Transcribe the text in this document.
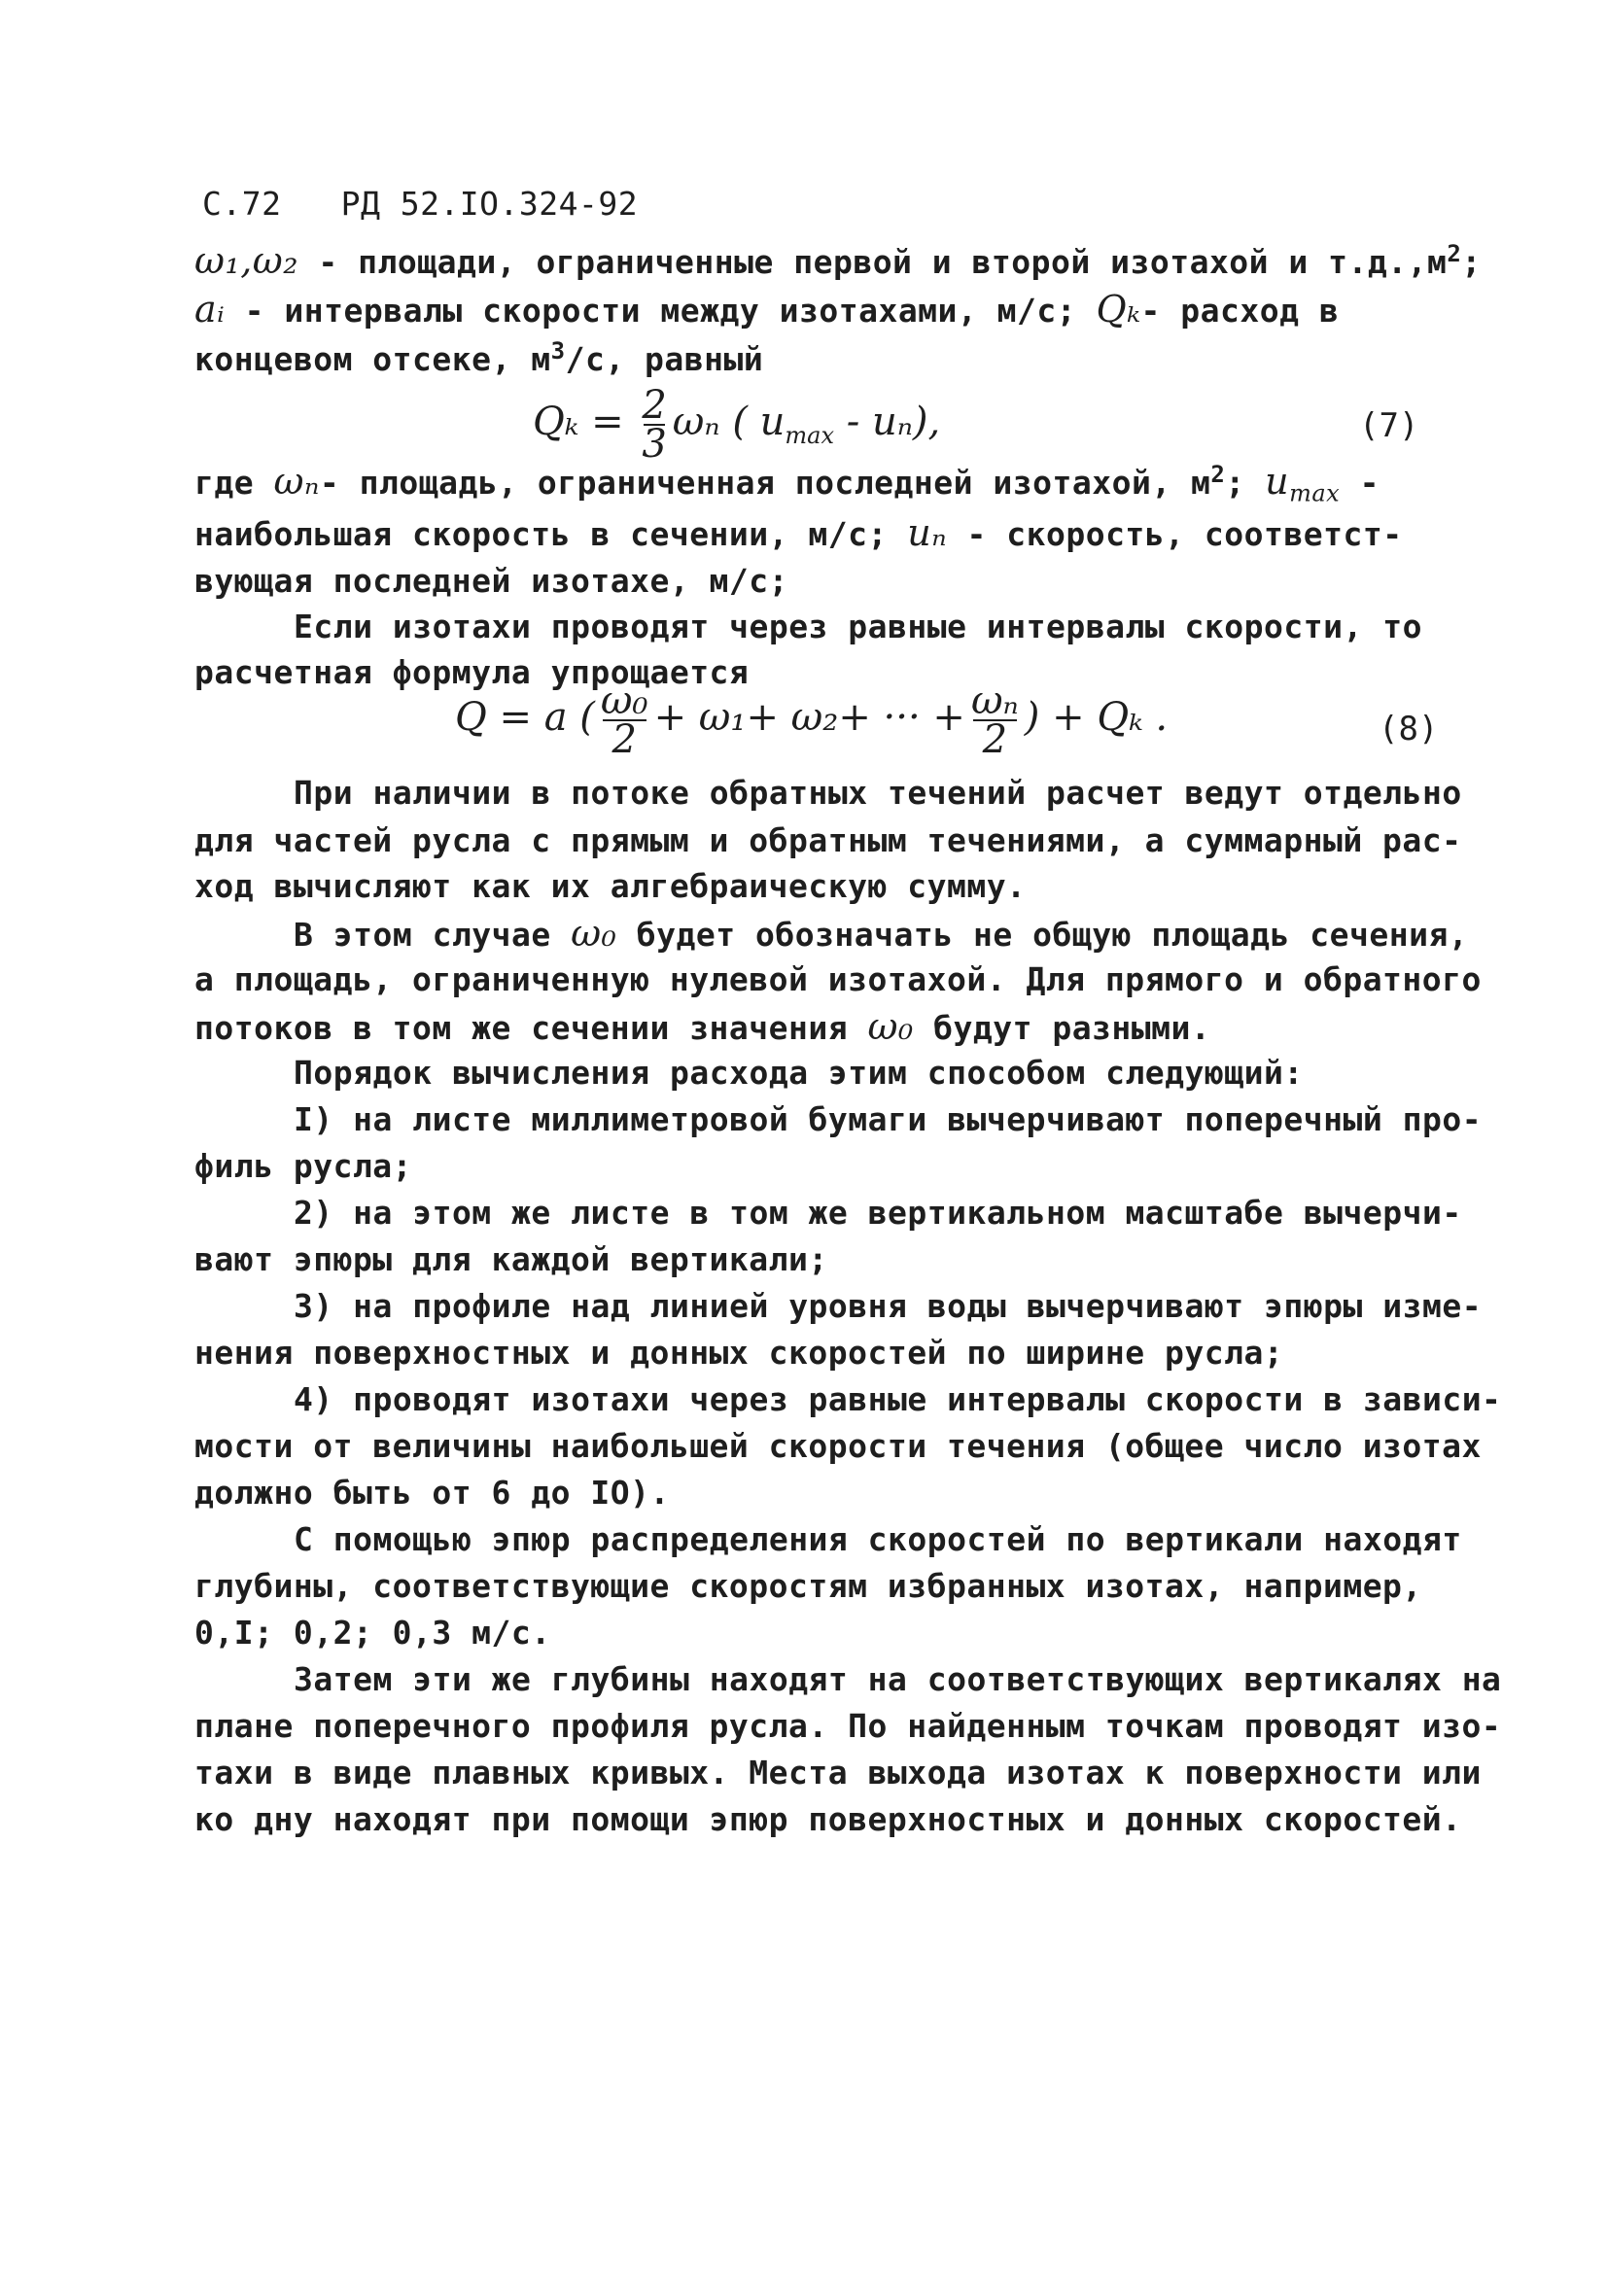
С.72 РД 52.IO.324-92
ω₁,ω₂ - площади, ограниченные первой и второй изотахой и $т.д.,м^2$;
aᵢ - интервалы скорости между изотахами, м/с; Qₖ- расход в
концевом отсеке, $м^3/с$, равный
$Q_k = \frac{2}{3}$ ωₙ ( $u_{max} - u_n$),	(7)
где ωₙ- площадь, ограниченная последней изотахой, $м^2$; $u_{max}$ -
наибольшая скорость в сечении, м/с; uₙ - скорость, соответст-
вующая последней изотахе, м/с;
Если изотахи проводят через равные интервалы скорости, то
расчетная формула упрощается
Q = a ( $\frac{\text{ω₀}}{2} + \omega_1+ \omega_2+$ ··· + $\frac{\text{ωₙ}}{2}$ ) + Qₖ .	(8)
При наличии в потоке обратных течений расчет ведут отдельно
для частей русла с прямым и обратным течениями, а суммарный рас-
ход вычисляют как их алгебраическую сумму.
В этом случае ω₀ будет обозначать не общую площадь сечения,
а площадь, ограниченную нулевой изотахой. Для прямого и обратного
потоков в том же сечении значения ω₀ будут разными.
Порядок вычисления расхода этим способом следующий:
I) на листе миллиметровой бумаги вычерчивают поперечный про-
филь русла;
2) на этом же листе в том же вертикальном масштабе вычерчи-
вают эпюры для каждой вертикали;
3) на профиле над линией уровня воды вычерчивают эпюры изме-
нения поверхностных и донных скоростей по ширине русла;
4) проводят изотахи через равные интервалы скорости в зависи-
мости от величины наибольшей скорости течения (общее число изотах
должно быть от 6 до IO).
С помощью эпюр распределения скоростей по вертикали находят
глубины, соответствующие скоростям избранных изотах, например,
0,I; 0,2; 0,3 м/с.
Затем эти же глубины находят на соответствующих вертикалях на
плане поперечного профиля русла. По найденным точкам проводят изо-
тахи в виде плавных кривых. Места выхода изотах к поверхности или
ко дну находят при помощи эпюр поверхностных и донных скоростей.
